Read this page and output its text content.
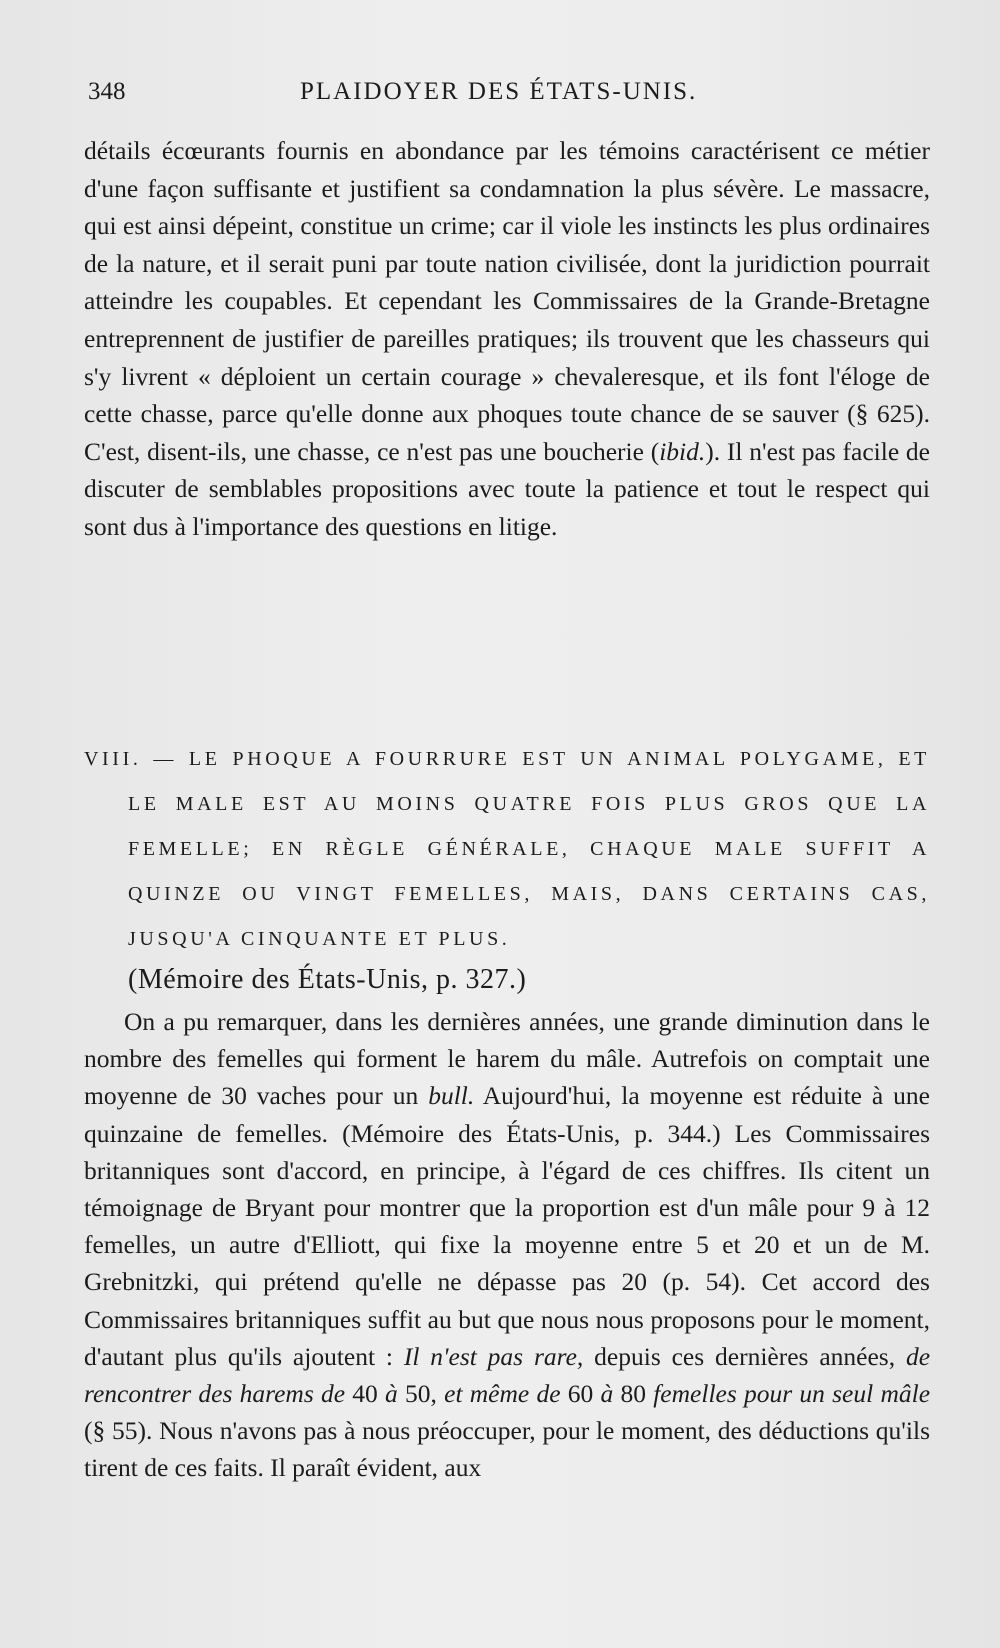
348	PLAIDOYER DES ÉTATS-UNIS.

détails écœurants fournis en abondance par les témoins caractérisent ce métier d'une façon suffisante et justifient sa condamnation la plus sévère. Le massacre, qui est ainsi dépeint, constitue un crime; car il viole les instincts les plus ordinaires de la nature, et il serait puni par toute nation civilisée, dont la juridiction pourrait atteindre les coupables. Et cependant les Commissaires de la Grande-Bretagne entreprennent de justifier de pareilles pratiques; ils trouvent que les chasseurs qui s'y livrent « déploient un certain courage » chevaleresque, et ils font l'éloge de cette chasse, parce qu'elle donne aux phoques toute chance de se sauver (§ 625). C'est, disent-ils, une chasse, ce n'est pas une boucherie (ibid.). Il n'est pas facile de discuter de semblables propositions avec toute la patience et tout le respect qui sont dus à l'importance des questions en litige.

VIII. — LE PHOQUE A FOURRURE EST UN ANIMAL POLYGAME, ET LE MALE EST AU MOINS QUATRE FOIS PLUS GROS QUE LA FEMELLE; EN RÈGLE GÉNÉRALE, CHAQUE MALE SUFFIT A QUINZE OU VINGT FEMELLES, MAIS, DANS CERTAINS CAS, JUSQU'A CINQUANTE ET PLUS.

(Mémoire des États-Unis, p. 327.)

On a pu remarquer, dans les dernières années, une grande diminution dans le nombre des femelles qui forment le harem du mâle. Autrefois on comptait une moyenne de 30 vaches pour un bull. Aujourd'hui, la moyenne est réduite à une quinzaine de femelles. (Mémoire des États-Unis, p. 344.) Les Commissaires britanniques sont d'accord, en principe, à l'égard de ces chiffres. Ils citent un témoignage de Bryant pour montrer que la proportion est d'un mâle pour 9 à 12 femelles, un autre d'Elliott, qui fixe la moyenne entre 5 et 20 et un de M. Grebnitzki, qui prétend qu'elle ne dépasse pas 20 (p. 54). Cet accord des Commissaires britanniques suffit au but que nous nous proposons pour le moment, d'autant plus qu'ils ajoutent : Il n'est pas rare, depuis ces dernières années, de rencontrer des harems de 40 à 50, et même de 60 à 80 femelles pour un seul mâle (§ 55). Nous n'avons pas à nous préoccuper, pour le moment, des déductions qu'ils tirent de ces faits. Il paraît évident, aux
